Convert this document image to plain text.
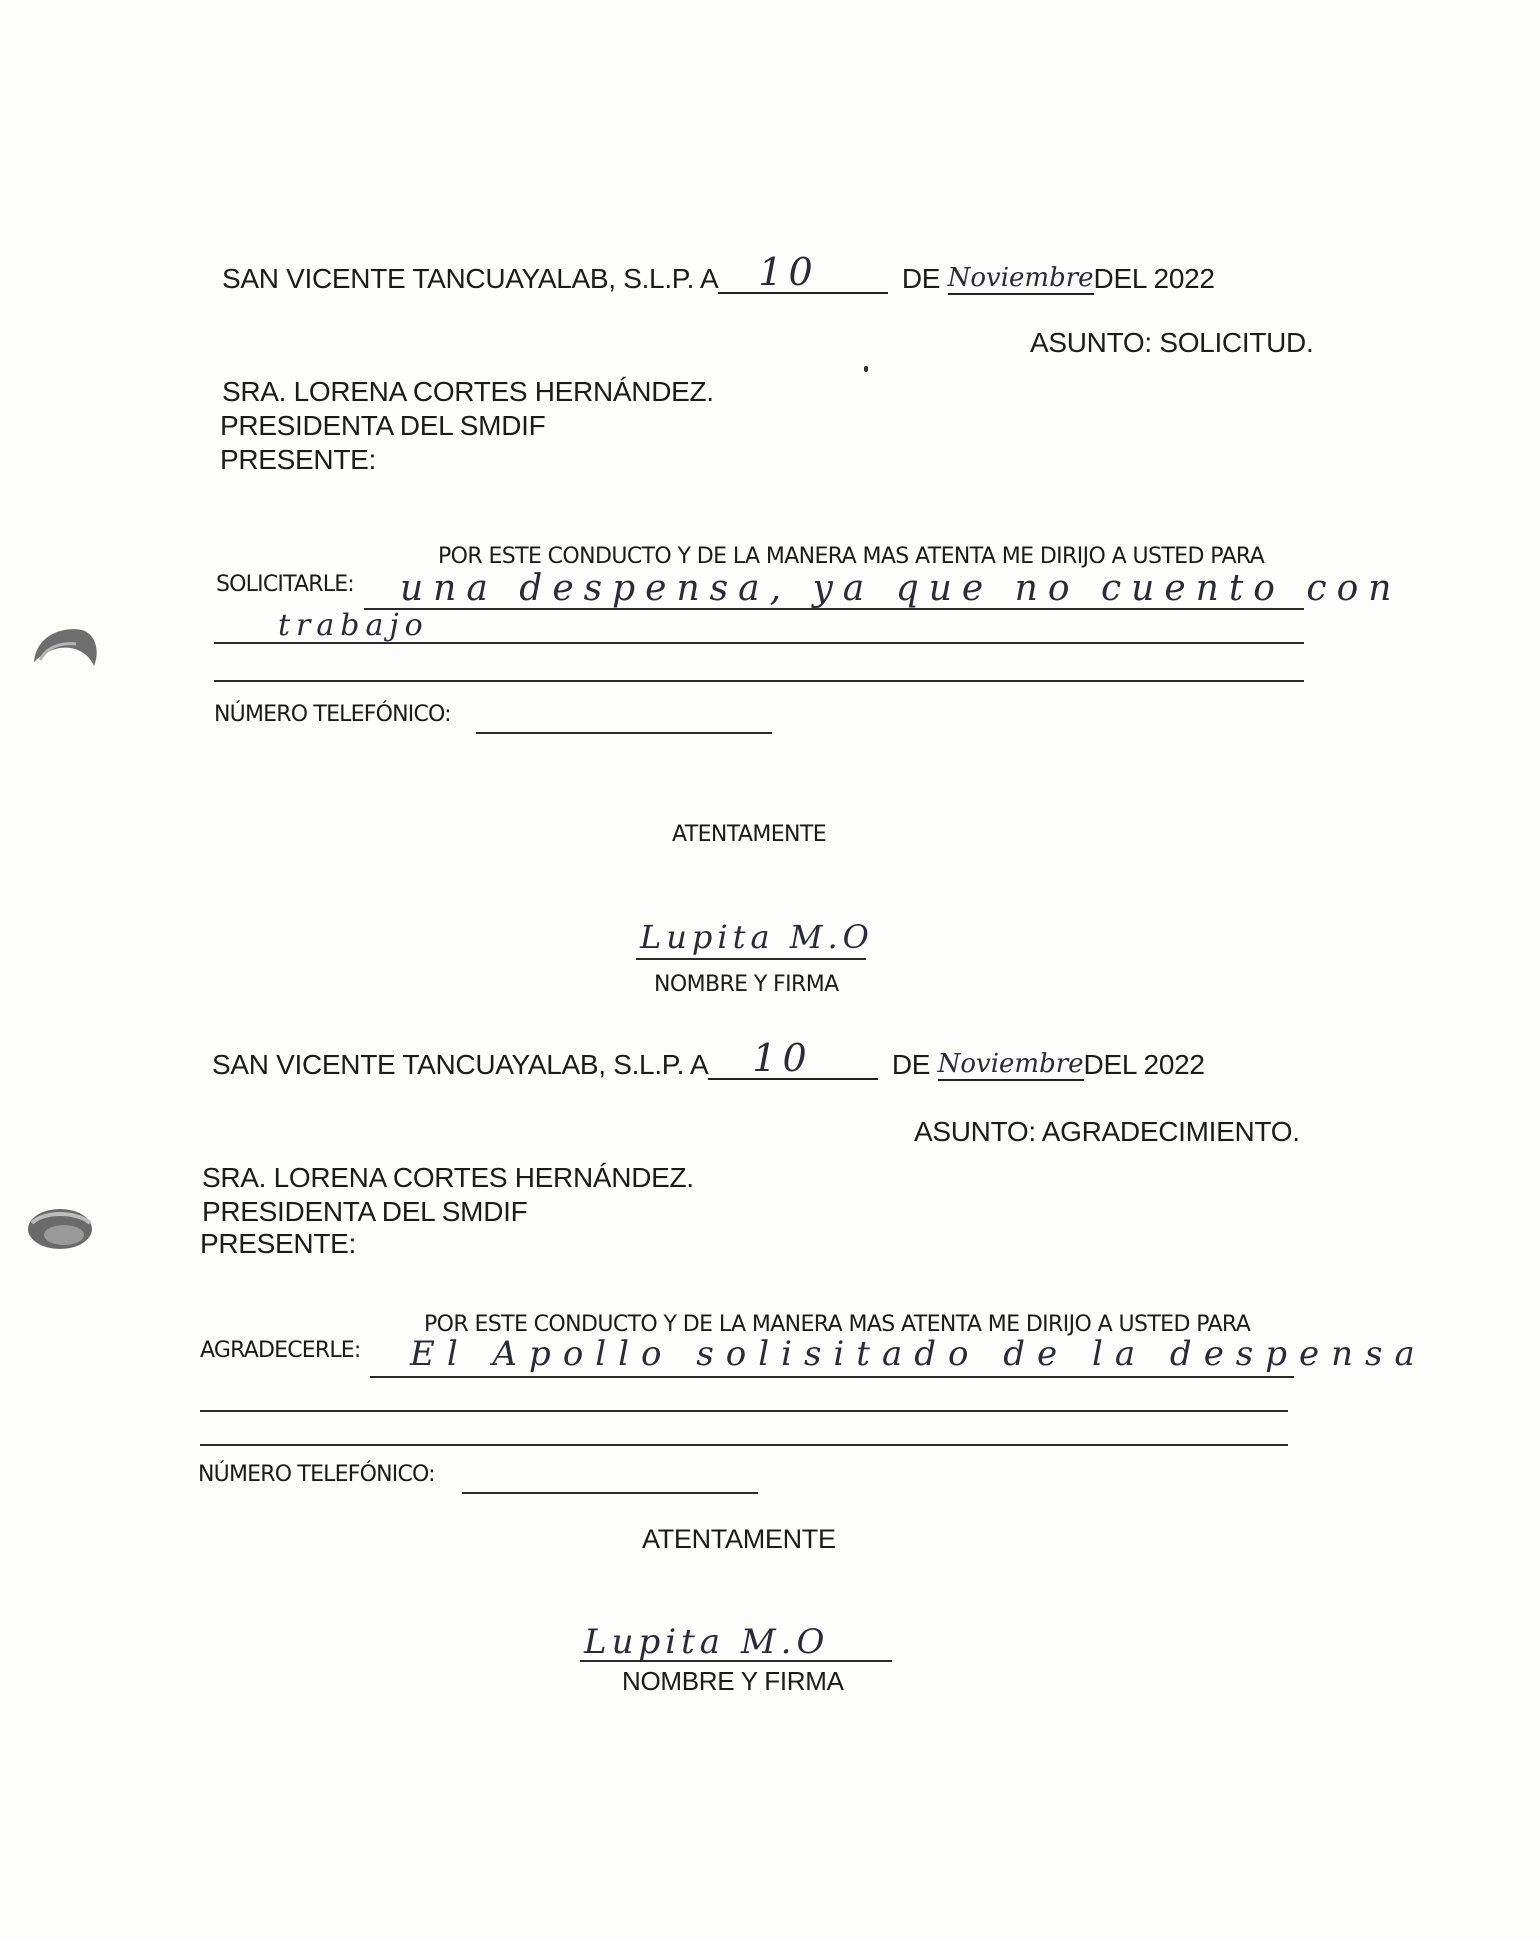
SAN VICENTE TANCUAYALAB, S.L.P. A 10	DE NoviembreDEL 2022
ASUNTO: SOLICITUD.
SRA. LORENA CORTES HERNÁNDEZ.
PRESIDENTA DEL SMDIF
PRESENTE:
POR ESTE CONDUCTO Y DE LA MANERA MAS ATENTA ME DIRIJO A USTED PARA
SOLICITARLE: una despensa, ya que no cuento con
trabajo
NÚMERO TELEFÓNICO:
ATENTAMENTE
Lupita M.O
NOMBRE Y FIRMA
SAN VICENTE TANCUAYALAB, S.L.P. A 10	DE NoviembreDEL 2022
ASUNTO: AGRADECIMIENTO.
SRA. LORENA CORTES HERNÁNDEZ.
PRESIDENTA DEL SMDIF
PRESENTE:
POR ESTE CONDUCTO Y DE LA MANERA MAS ATENTA ME DIRIJO A USTED PARA
AGRADECERLE: El Apollo solisitado de la despensa
NÚMERO TELEFÓNICO:
ATENTAMENTE
Lupita M.O
NOMBRE Y FIRMA
